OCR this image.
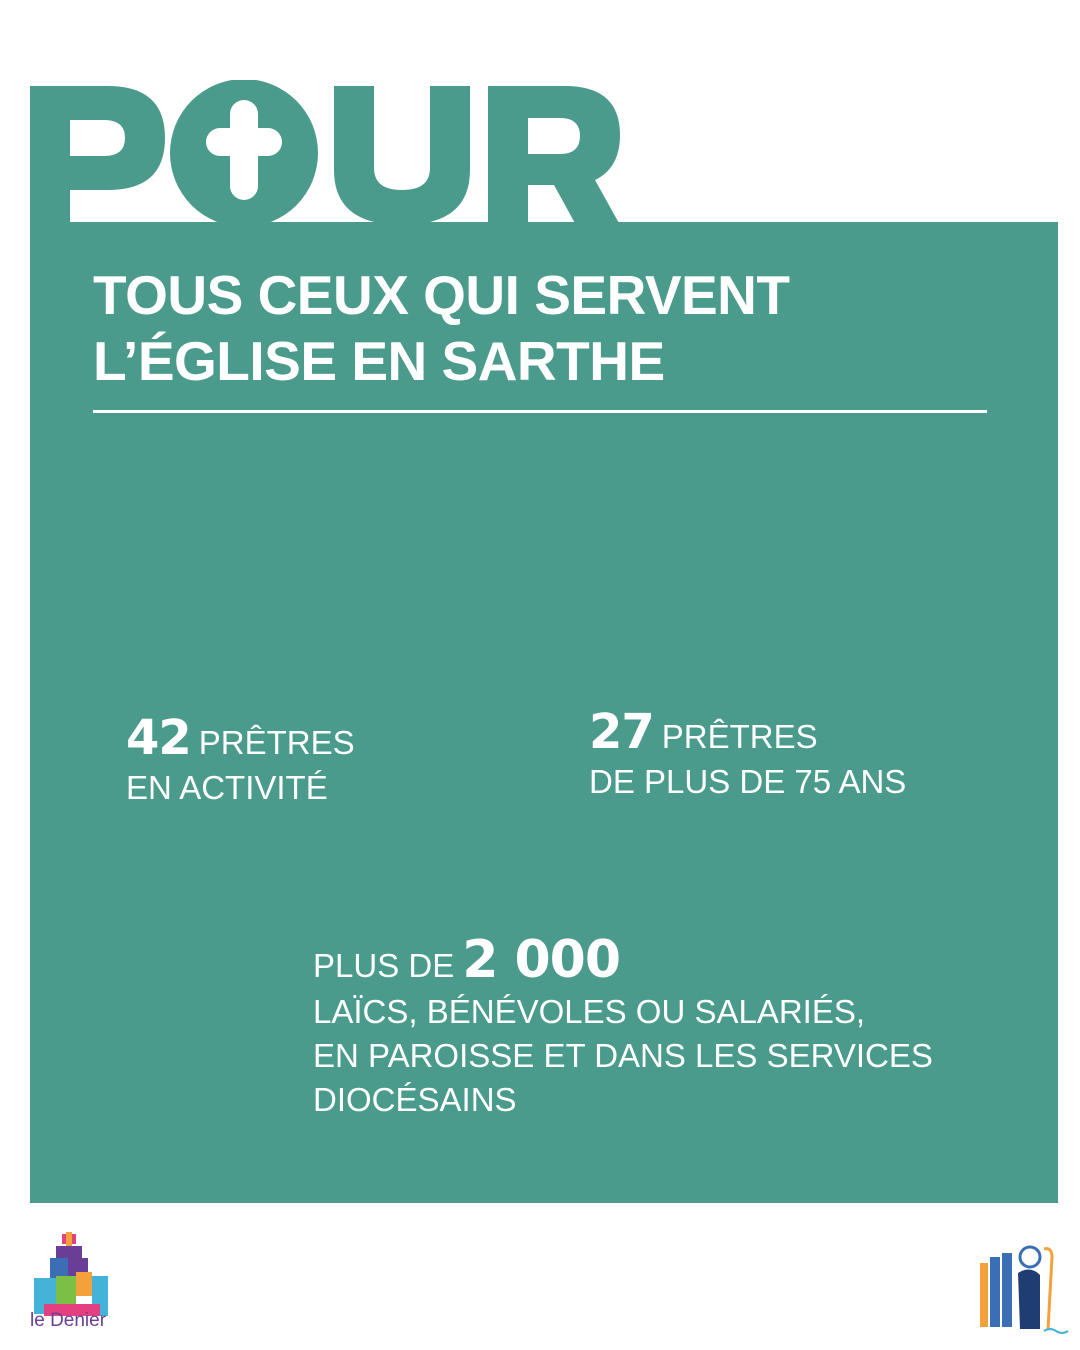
TOUS CEUX QUI SERVENT
L’ÉGLISE EN SARTHE
42 PRÊTRES
EN ACTIVITÉ
27 PRÊTRES
DE PLUS DE 75 ANS
PLUS DE 2 000
LAÏCS, BÉNÉVOLES OU SALARIÉS,
EN PAROISSE ET DANS LES SERVICES
DIOCÉSAINS
le Denier
